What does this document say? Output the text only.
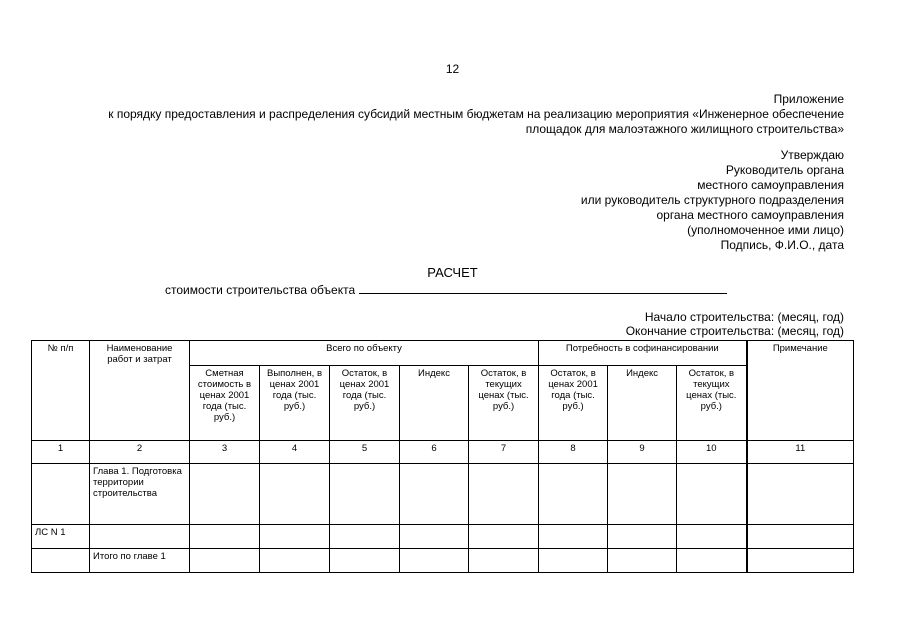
12
Приложение
к порядку предоставления и распределения субсидий местным бюджетам на реализацию мероприятия «Инженерное обеспечение
площадок для малоэтажного жилищного строительства»
Утверждаю
Руководитель органа
местного самоуправления
или руководитель структурного подразделения
органа местного самоуправления
(уполномоченное ими лицо)
Подпись, Ф.И.О., дата
РАСЧЕТ
стоимости строительства объекта
Начало строительства: (месяц, год)
Окончание строительства: (месяц, год)
№ п/п	Наименование работ и затрат	Всего по объекту					Потребность в софинансировании			Примечание
		Сметная стоимость в ценах 2001 года (тыс. руб.)	Выполнен, в ценах 2001 года (тыс. руб.)	Остаток, в ценах 2001 года (тыс. руб.)	Индекс	Остаток, в текущих ценах (тыс. руб.)	Остаток, в ценах 2001 года (тыс. руб.)	Индекс	Остаток, в текущих ценах (тыс. руб.)	
1	2	3	4	5	6	7	8	9	10	11
	Глава 1. Подготовка территории строительства									
ЛС N 1										
	Итого по главе 1									
